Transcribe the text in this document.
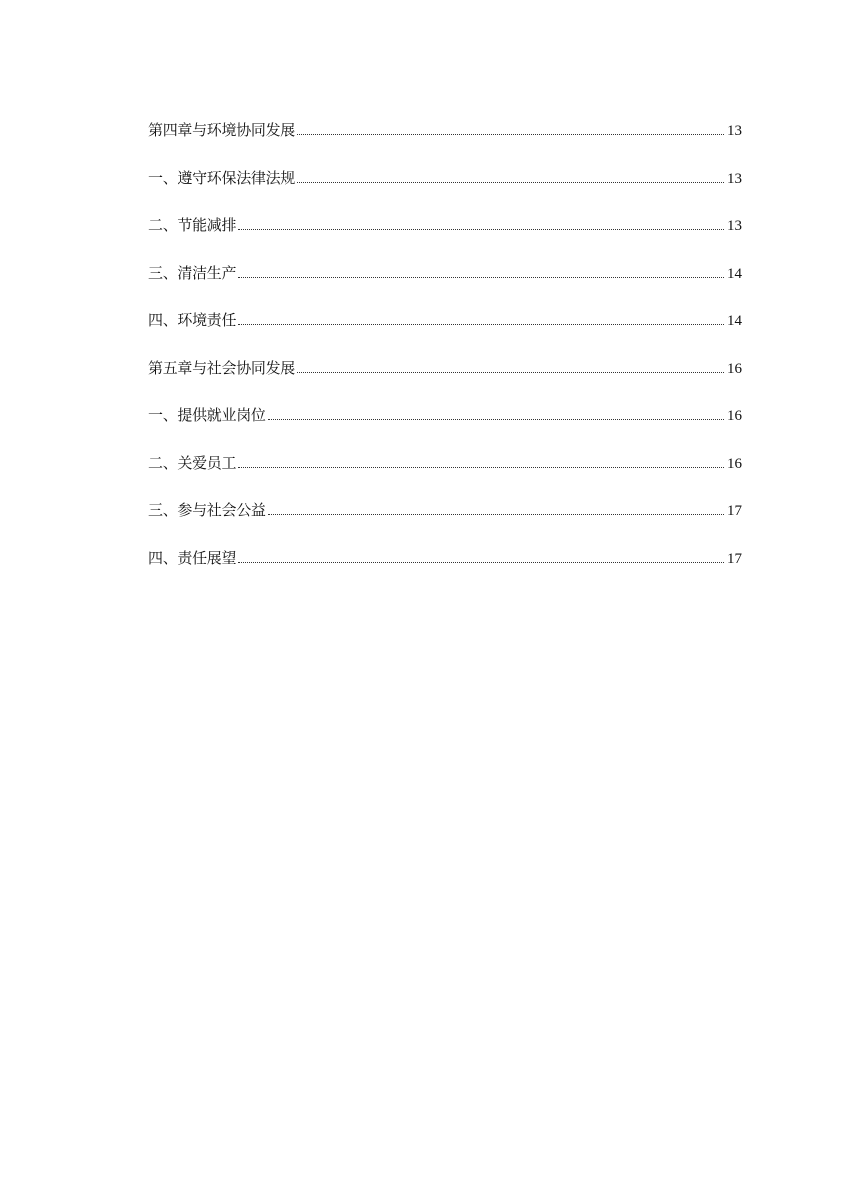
第四章与环境协同发展	13
一、遵守环保法律法规	13
二、节能减排	13
三、清洁生产	14
四、环境责任	14
第五章与社会协同发展	16
一、提供就业岗位	16
二、关爱员工	16
三、参与社会公益	17
四、责任展望	17
